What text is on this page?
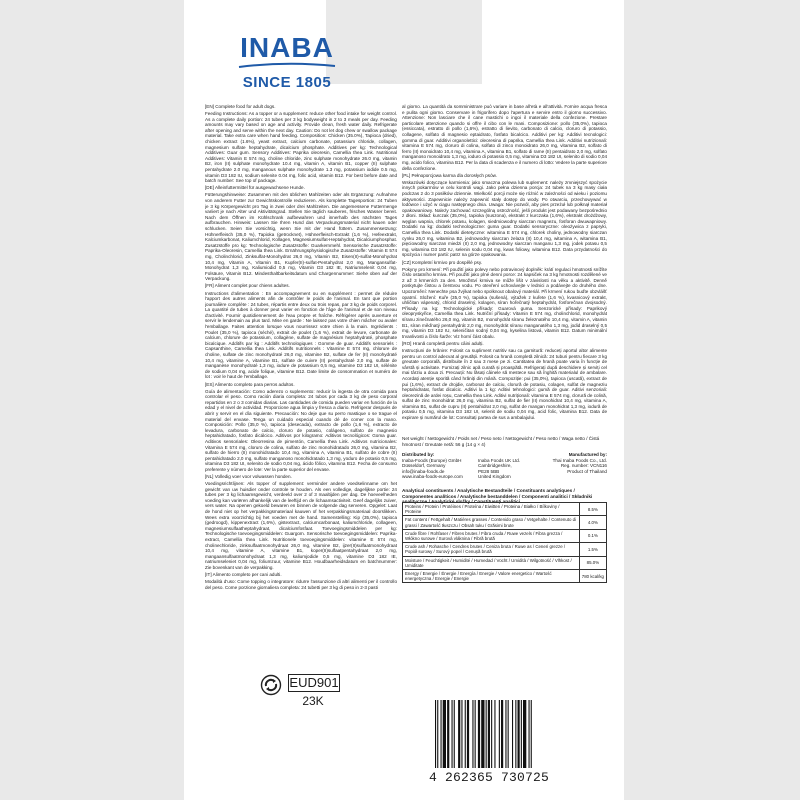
INABA
SINCE 1805

[EN] Complete food for adult dogs.

Feeding Instructions: As a topper or a supplement: reduce other food intake for weight control. As a complete daily portion: 24 tubes per 3 kg bodyweight in 2 to 3 meals per day. Feeding amounts may vary based on age and activity. Provide clean, fresh water daily. Refrigerate after opening and serve within the next day. Caution: Do not let dog chew or swallow package material. Take extra care when hand feeding. Composition: Chicken (35.0%), Tapioca (dried), chicken extract (1.6%), yeast extract, calcium carbonate, potassium chloride, collagen, magnesium sulfate heptahydrate, dicalcium phosphate. Additives per kg: Technological Additives: Guar gum. Sensory Additives: Paprika oleoresin, Camellia thea Link. Nutritional Additives: Vitamin E 574 mg, choline chloride, zinc sulphate monohydrate 26.0 mg, vitamin B2, iron (II) sulphate monohydrate 10.4 mg, vitamin A, vitamin B1, copper (II) sulphate pentahydrate 2.0 mg, manganous sulphate monohydrate 1.3 mg, potassium iodide 0.5 mg, vitamin D3 182 IU, sodium selenite 0.04 mg, folic acid, vitamin B12. For best before date and batch number: See top of package.

[DE] Alleinfuttermittel für ausgewachsene Hunde.

Fütterungshinweise: Zusammen mit den üblichen Mahlzeiten oder als Ergänzung: Aufnahme von anderem Futter zur Gewichtskontrolle reduzieren. Als komplette Tagesportion: 24 Tuben je 3 kg Körpergewicht pro Tag in zwei oder drei Mahlzeiten. Die angemessene Futtermenge variiert je nach Alter und Aktivitätsgrad. Stellen Sie täglich sauberes, frisches Wasser bereit. Nach dem Öffnen im Kühlschrank aufbewahren und innerhalb des nächsten Tages aufbrauchen. Hinweis: Lassen Sie Ihren Hund das Verpackungsmaterial nicht kauen oder schlucken. Seien Sie vorsichtig, wenn Sie mit der Hand füttern. Zusammensetzung: Hühnerfleisch (35,0 %), Tapioka (getrocknet), Hühnerfleisch-Extrakt (1,6 %), Hefeextrakt, Kalciumkarbonat, Kaliumchlorid, Kollagen, Magnesiumsulfat-Heptahydrat, Dicalciumphosphat. Zusatzstoffe pro kg: Technologische Zusatzstoffe: Guarkernmehl. Sensorische Zusatzstoffe: Paprika-Oleoresin, Camellia thea Link. Ernährungsphysiologische Zusatzstoffe: Vitamin E 574 mg, Cholinchlorid, Zinksulfat-Monohydrat 26,0 mg, Vitamin B2, Eisen(II)-sulfat-Monohydrat 10,4 mg, Vitamin A, Vitamin B1, Kupfer(II)-sulfat-Pentahydrat 2,0 mg, Mangansulfat-Monohydrat 1,3 mg, Kaliumiodid 0,5 mg, Vitamin D3 182 IE, Natriumselenit 0,04 mg, Folsäure, Vitamin B12. Mindesthaltbarkeitsdatum und Chargennummer: Siehe oben auf der Verpackung.

[FR] Aliment complet pour chiens adultes.

Instructions d'alimentation : En accompagnement ou en supplément : permet de réduire l'apport des autres aliments afin de contrôler le poids de l'animal. En tant que portion journalière complète : 24 tubes, répartis entre deux ou trois repas, par 3 kg de poids corporel. La quantité de tubes à donner peut varier en fonction de l'âge de l'animal et de son niveau d'activité. Fournir quotidiennement de l'eau propre et fraîche. Réfrigérer après ouverture et servir le lendemain au plus tard. Mise en garde : Ne laissez pas votre chien mâcher ou avaler l'emballage. Faites attention lorsque vous nourrissez votre chien à la main. Ingrédients : Poulet (35,0 %), tapioca (séché), extrait de poulet (1,6 %), extrait de levure, carbonate de calcium, chlorure de potassium, collagène, sulfate de magnésium heptahydraté, phosphate bicalcique. Additifs par kg : Additifs technologiques : Gomme de guar. Additifs sensoriels : Capsanthine, Camellia thea Link. Additifs nutritionnels : Vitamine E 574 mg, chlorure de choline, sulfate de zinc monohydraté 26,0 mg, vitamine B2, sulfate de fer (II) monohydraté 10,4 mg, vitamine A, vitamine B1, sulfate de cuivre (II) pentahydraté 2,0 mg, sulfate de manganèse monohydraté 1,3 mg, iodure de potassium 0,5 mg, vitamine D3 182 UI, sélénite de sodium 0,04 mg, acide folique, vitamine B12. Date limite de consommation et numéro de lot : voir le haut de l'emballage.

[ES] Alimento completo para perros adultos.

Guía de alimentación: Como aderezo o suplemento: reducir la ingesta de otra comida para controlar el peso. Como ración diaria completa: 24 tubos por cada 3 kg de peso corporal repartidos en 2 o 3 comidas diarias. Las cantidades de comida pueden variar en función de la edad y el nivel de actividad. Proporcione agua limpia y fresca a diario. Refrigerar después de abrir y servir en el día siguiente. Precaución: No deje que su perro mastique o se trague el material del envase. Tenga un cuidado especial cuando dé de comer con la mano. Composición: Pollo (35,0 %), tapioca (desecada), extracto de pollo (1,6 %), extracto de levadura, carbonato de calcio, cloruro de potasio, colágeno, sulfato de magnesio heptahidratado, fosfato dicálcico. Aditivos por kilogramo: Aditivos tecnológicos: Goma guar. Aditivos sensoriales: Oleorresina de pimentón, Camellia thea Link. Aditivos nutricionales: Vitamina E 574 mg, cloruro de colina, sulfato de zinc monohidratado 26,0 mg, vitamina B2, sulfato de hierro (II) monohidratado 10,4 mg, vitamina A, vitamina B1, sulfato de cobre (II) pentahidratado 2,0 mg, sulfato manganoso monohidratado 1,3 mg, yoduro de potasio 0,5 mg, vitamina D3 182 UI, selenito de sodio 0,04 mg, ácido fólico, vitamina B12. Fecha de consumo preferente y número de lote: Ver la parte superior del envase.

[NL] Volledig voer voor volwassen honden.

Voedingsrichtlijnen: Als topper of supplement: verminder andere voedselinname om het gewicht van uw huisdier onder controle te houden. Als een volledige, dagelijkse portie: 24 tubes per 3 kg lichaamsgewicht, verdeeld over 2 of 3 maaltijden per dag. De hoeveelheden voeding kan variëren afhankelijk van de leeftijd en de lichaamsactiviteit. Geef dagelijks zuiver, vers water. Na openen gekoeld bewaren en binnen de volgende dag serveren. Opgelet: Laat de hond niet op het verpakkingsmateriaal kauwen of het verpakkingsmateriaal doorslikken. Wees extra voorzichtig bij het voeden met de hand. Samenstelling: Kip (35,0%), tapioca (gedroogd), kippenextract (1,6%), gistextract, calciumcarbonaat, kaliumchloride, collageen, magnesiumsulfaatheptahydraat, dicalciumfosfaat. Toevoegingsmiddelen per kg: Technologische toevoegingsmiddelen: Guargom. Sensorische toevoegingsmiddelen: Paprika-extract, Camellia thea Link. Nutritionele toevoegingsmiddelen: vitamine E 574 mg, cholinechloride, zinksulfaatmonohydraat 26,0 mg, vitamine B2, ijzer(II)sulfaatmonohydraat 10,4 mg, vitamine A, vitamine B1, koper(II)sulfaatpentahydraat 2,0 mg, mangaansulfaatmonohydraat 1,3 mg, kaliumjodide 0,5 mg, vitamine D3 182 IE, natriumseleniet 0,04 mg, foliumzuur, vitamine B12. Houdbaarheidsdatum en batchnummer: Zie bovenkant van de verpakking.

[IT] Alimento completo per cani adulti.

Modalità d'uso: Come topping o integratore: ridurre l'assunzione di altri alimenti per il controllo del peso. Come porzione giornaliera completa: 24 tubetti per 3 kg di peso in 2-3 pasti

al giorno. La quantità da somministrare può variare in base all'età e all'attività. Fornire acqua fresca e pulita ogni giorno. Conservare in frigorifero dopo l'apertura e servire entro il giorno successivo. Attenzione: Non lasciare che il cane mastichi o ingoi il materiale della confezione. Prestare particolare attenzione quando si offre il cibo con le mani. Composizione: pollo (35,0%), tapioca (essiccata), estratto di pollo (1,6%), estratto di lievito, carbonato di calcio, cloruro di potassio, collagene, solfato di magnesio eptaidrato, fosfato bicalcico. Additivi per kg: Additivi tecnologici: gomma di guar. Additivi organolettici: oleoresina di paprika, Camellia thea Link. Additivi nutrizionali: vitamina E 574 mg, cloruro di colina, solfato di zinco monoidrato 26,0 mg, vitamina B2, solfato di ferro (II) monoidrato 10,4 mg, vitamina A, vitamina B1, solfato di rame (II) pentaidrato 2,0 mg, solfato manganoso monoidrato 1,3 mg, ioduro di potassio 0,5 mg, vitamina D3 182 UI, selenito di sodio 0,04 mg, acido folico, vitamina B12. Per la data di scadenza e il numero di lotto: Vedere la parte superiore della confezione.

[PL] Pełnoporcjowa karma dla dorosłych psów.

Wskazówki dotyczące karmienia: jako smaczna polewa lub suplement: należy zmniejszyć spożycie innych pokarmów w celu kontroli wagi. Jako pełna dzienna porcja: 24 tubek na 3 kg masy ciała podczas 2 do 3 posiłków dziennie. Wielkość porcji może się różnić w zależności od wieku i poziomu aktywności. Zapewnicie należy zapewnić stały dostęp do wody. Po otwarciu, przechowywać w lodówce i użyć w ciągu następnego dnia. Uwaga: Nie pozwól, aby pies przeżuł lub połknął materiał opakowaniowy. Należy zachować szczególną ostrożność, jeśli produkt jest podawany bezpośrednio z dłoni. Skład: kurczak (35,0%), tapioka (suszona), ekstrakt z kurczaka (1,6%), ekstrakt drożdżowy, węglan wapnia, chlorek potasu, kolagen, siedmiowodny siarczan magnezu, fosforan dwuwapniowy. Dodatki na kg: dodatki technologiczne: guma guar. Dodatki sensoryczne: oleożywica z papryki, Camellia thea Link. Dodatki dietetyczne: witamina E 574 mg, chlorek choliny, jednowodny siarczan cynku 26,0 mg, witamina B2, jednowodny siarczan żelaza (II) 10,4 mg, witamina A, witamina B1, pięciowodny siarczan miedzi (II) 2,0 mg, jednowodny siarczan manganu 1,3 mg, jodek potasu 0,5 mg, witamina D3 182 IU, selenin sodu 0,04 mg, kwas foliowy, witamina B12. Data przydatności do spożycia i numer partii: patrz na górze opakowania.

[CZ] Kompletní krmivo pro dospělé psy.

Pokyny pro krmení: Při použití jako polevy nebo potravinový doplněk: krátí regulaci hmotnosti snížíte číslo ostatního krmiva. Při použití jako plné denní porce: 24 kapsiček na 3 kg hmotnosti rozdělené ve 2 až 3 krmeních za den. Množství krmiva se může lišit v závislosti na věku a aktivitě. Denně poskytujte čistou a čerstvou vodu. Po otevření uchovávejte v lednici a podávejte do druhého dne. Upozornění: Nenechte psa žvýkat nebo spolknout obalový materiál. Při krmení rukou buďte obzvlášť opatrní. Složení: Kuře (35,0 %), tapioka (sušená), výtažek z kuřete (1,6 %), kvasnicový extrakt, uhličitan vápenatý, chlorid draselný, kolagen, síran hořečnatý heptahydrát, fosforečnan dvojsodný. Přísady na kg: Technologické přísady: Guarová guma. Senzorické přísady: Paprikový oleopryskyřice, Camellia thea Link. Nutriční přísady: Vitamin E 574 mg, cholinchlorid, monohydrát síranu zinečnatého 26,0 mg, vitamin B2, monohydrát síranu železnatého 10,4 mg, vitamin A, vitamin B1, síran měďnatý pentahydrát 2,0 mg, monohydrát síranu manganatého 1,3 mg, jodid draselný 0,5 mg, vitamin D3 182 IU, seleničitan sodný 0,04 mg, kyselina listová, vitamin B12. Datum minimální trvanlivosti a číslo šarže: Viz horní část obalu.

[RO] Hrană completă pentru câini adulți.

Instrucțiuni de hrănire: Folosit ca supliment nutritiv sau ca garnitură: reduceți aportul altor alimente pentru un control adecvat al greutății. Folosit ca hrană completă zilnică: 24 tuburi pentru fiecare 3 kg greutate corporală, distribuite în 2 sau 3 mese pe zi. Cantitatea de hrană poate varia în funcție de vârstă și activitate. Furnizați zilnic apă curată și proaspătă. Refrigerați după deschidere și serviți cel mai târziu a doua zi. Precauții: Nu lăsați câinele să mestece sau să înghită materialul de ambalare. Acordați atenție sporită când hrăniți din mână. Compoziție: pui (35,0%), tapioca (uscată), extract de pui (1,6%), extract de drojdie, carbonat de calciu, clorură de potasiu, colagen, sulfat de magneziu heptahidratat, fosfat dicalcic. Aditivi la 1 kg: Aditivi tehnologici: gumă de guar. Aditivi senzoriali: oleorezină de ardei roșu, Camellia thea Link. Aditivi nutriționali: vitamina E 574 mg, clorură de colină, sulfat de zinc monohidrat 26,0 mg, vitamina B2, sulfat de fier (II) monohidrat 10,4 mg, vitamina A, vitamina B1, sulfat de cupru (II) pentahidrat 2,0 mg, sulfat de mangan monohidrat 1,3 mg, iodură de potasiu 0,5 mg, vitamina D3 182 UI, selenit de sodiu 0,04 mg, acid folic, vitamina B12. Data de expirare și numărul de lot: Consultați partea de sus a ambalajului.

Net weight / Nettogewicht / Poids net / Peso neto / Nettogewicht / Peso netto / Waga netto / Čistá hmotnost / Greutate netă: 56 g (14 g × 4)
Distributed by:
Inaba-Foods (Europe) GmbH
Düsseldorf, Germany
info@inaba-foods.de
www.inaba-foods-europe.com
Inaba Foods UK Ltd.
Cambridgeshire,
PE28 5BB
United Kingdom
Manufactured by:
Thai Inaba Foods Co., Ltd.
Reg. number: VCN116
Product of Thailand
Analytical constituents / Analytische Bestandteile / Constituants analytiques / Componentes analíticos / Analytische bestanddelen / Componenti analitici / Składniki analityczne / Analytické složky / Constituenți analitici
Proteins / Protein / Protéines / Proteína / Eiwitten / Proteina / Białko / Bílkoviny / Proteine	8.5%
Fat content / Fettgehalt / Matières grasses / Contenido graso / Vetgehalte / Contenuto di grassi / Zawartość tłuszczu / Obsah tuku / Grăsimi brute	4.0%
Crude fibre / Rohfaser / Fibres brutes / Fibra cruda / Ruwe vezels / Fibra grezza / Włókno surowe / Surová vláknina / Fibră brută	0.1%
Crude ash / Rohasche / Cendres brutes / Ceniza bruta / Ruwe as / Ceneri grezze / Popiół surowy / Surový popel / Cenușă brută	1.5%
Moisture / Feuchtigkeit / Humidité / Humedad / Vocht / Umidità / Wilgotność / Vlhkost / Umiditate	85.0%
Energy / Energie / Énergie / Energía / Energie / Valore energetico / Wartość energetyczna / Energie / Energie	780 kcal/kg
EUD901
23K
4 262365 730725
